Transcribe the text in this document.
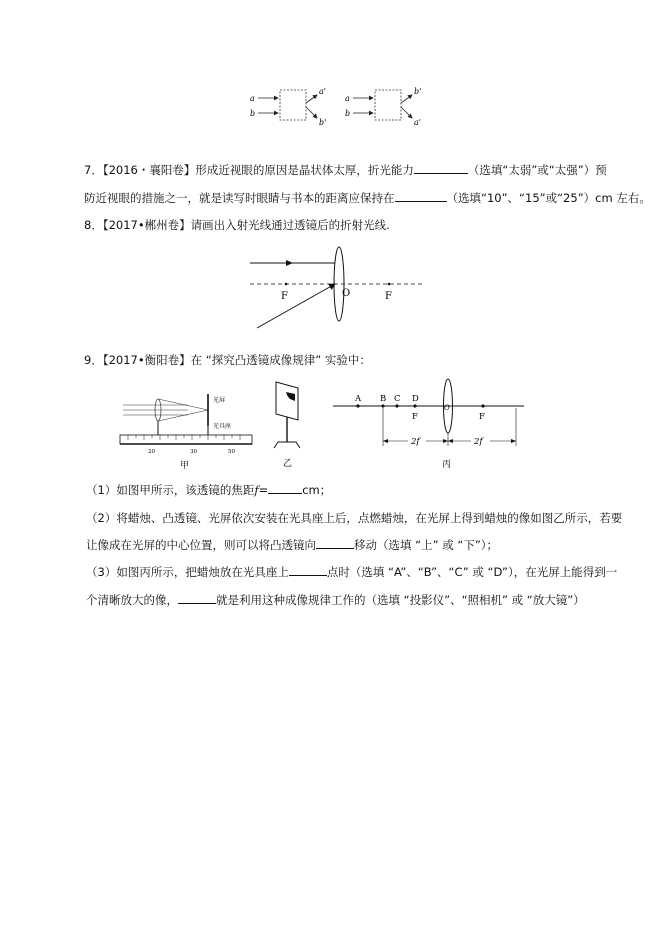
a
b
a'
b'
a
b
b'
a'
7．【2016・襄阳卷】形成近视眼的原因是晶状体太厚，折光能力	（选填“太弱”或“太强”）预
防近视眼的措施之一，就是读写时眼睛与书本的距离应保持在	（选填“10”、“15”或“25”）cm 左右。
8．【2017•郴州卷】请画出入射光线通过透镜后的折射光线.
F	O	F
9．【2017•衡阳卷】在 “探究凸透镜成像规律” 实验中：
光屏
光具座
20	30	50
甲	乙
A B C D
O
F	F
2f	2f
丙
（1）如图甲所示，该透镜的焦距f=	cm；
（2）将蜡烛、凸透镜、光屏依次安装在光具座上后，点燃蜡烛，在光屏上得到蜡烛的像如图乙所示，若要
让像成在光屏的中心位置，则可以将凸透镜向	移动（选填 “上” 或 “下”）；
（3）如图丙所示，把蜡烛放在光具座上	点时（选填 “A”、“B”、“C” 或 “D”），在光屏上能得到一
个清晰放大的像，	就是利用这种成像规律工作的（选填 “投影仪”、“照相机” 或 “放大镜”）
